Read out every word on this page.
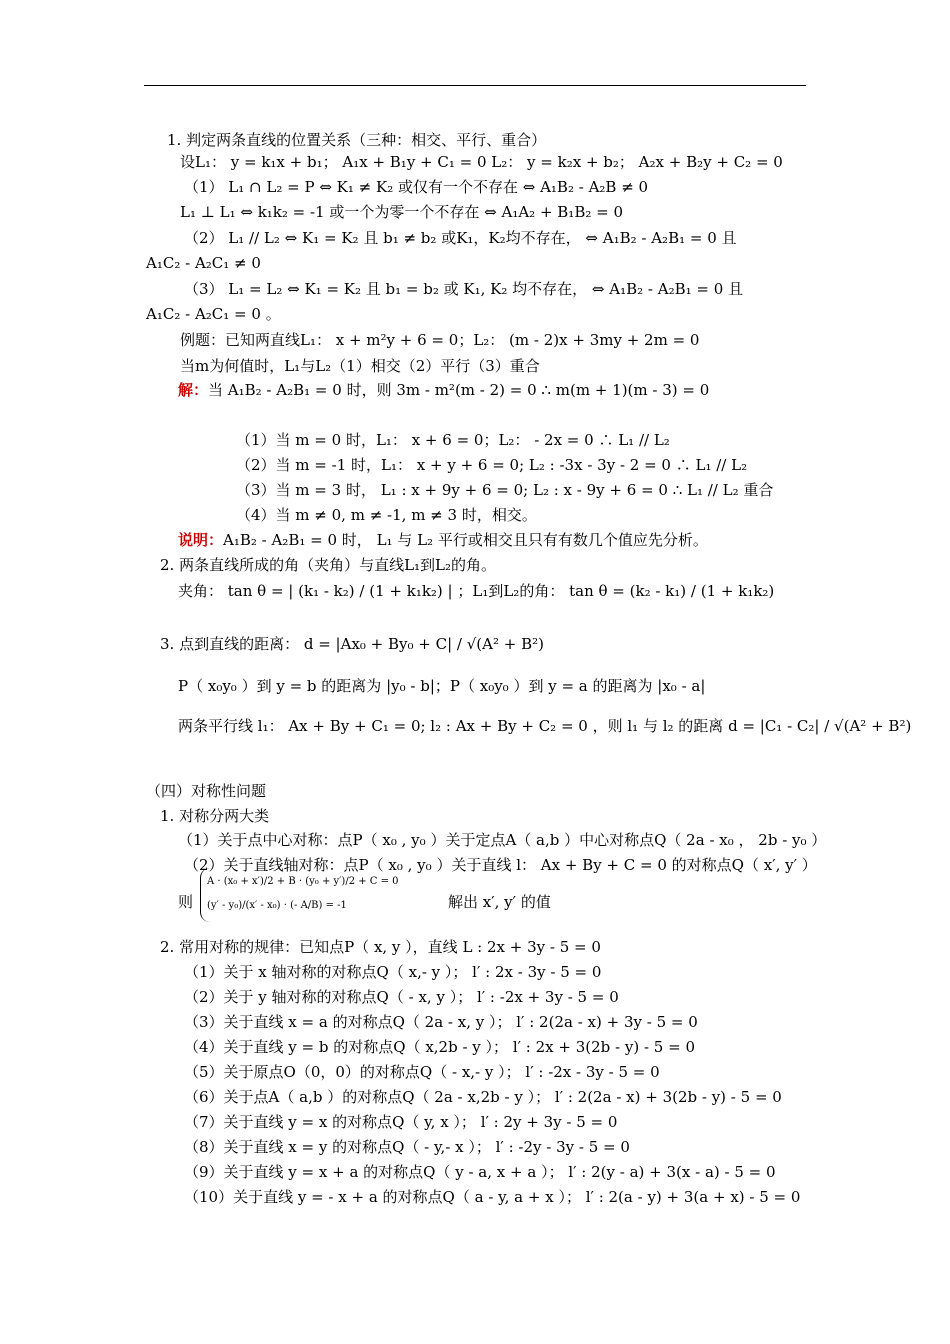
1. 判定两条直线的位置关系（三种：相交、平行、重合）
设L₁： y = k₁x + b₁； A₁x + B₁y + C₁ = 0 L₂： y = k₂x + b₂； A₂x + B₂y + C₂ = 0
（1） L₁ ∩ L₂ = P ⇔ K₁ ≠ K₂ 或仅有一个不存在 ⇔ A₁B₂ - A₂B ≠ 0
L₁ ⊥ L₁ ⇔ k₁k₂ = -1 或一个为零一个不存在 ⇔ A₁A₂ + B₁B₂ = 0
（2） L₁ // L₂ ⇔ K₁ = K₂ 且 b₁ ≠ b₂ 或K₁，K₂均不存在， ⇔ A₁B₂ - A₂B₁ = 0 且
A₁C₂ - A₂C₁ ≠ 0
（3） L₁ = L₂ ⇔ K₁ = K₂ 且 b₁ = b₂ 或 K₁, K₂ 均不存在， ⇔ A₁B₂ - A₂B₁ = 0 且
A₁C₂ - A₂C₁ = 0 。
例题：已知两直线L₁： x + m²y + 6 = 0；L₂： (m - 2)x + 3my + 2m = 0
当m为何值时，L₁与L₂（1）相交（2）平行（3）重合
（1）当 m = 0 时，L₁： x + 6 = 0；L₂： - 2x = 0 ∴ L₁ // L₂
（2）当 m = -1 时，L₁： x + y + 6 = 0; L₂ : -3x - 3y - 2 = 0 ∴ L₁ // L₂
（3）当 m = 3 时， L₁ : x + 9y + 6 = 0; L₂ : x - 9y + 6 = 0 ∴ L₁ // L₂ 重合
（4）当 m ≠ 0, m ≠ -1, m ≠ 3 时，相交。
2. 两条直线所成的角（夹角）与直线L₁到L₂的角。
夹角： tan θ = | (k₁ - k₂) / (1 + k₁k₂) | ；L₁到L₂的角： tan θ = (k₂ - k₁) / (1 + k₁k₂)
3. 点到直线的距离： d = |Ax₀ + By₀ + C| / √(A² + B²)
P（ x₀y₀ ）到 y = b 的距离为 |y₀ - b|；P（ x₀y₀ ）到 y = a 的距离为 |x₀ - a|
两条平行线 l₁： Ax + By + C₁ = 0; l₂ : Ax + By + C₂ = 0 ，则 l₁ 与 l₂ 的距离 d = |C₁ - C₂| / √(A² + B²)
（四）对称性问题
1. 对称分两大类
（1）关于点中心对称：点P（ x₀ , y₀ ）关于定点A（ a,b ）中心对称点Q（ 2a - x₀ ， 2b - y₀ ）
（2）关于直线轴对称：点P（ x₀ , y₀ ）关于直线 l： Ax + By + C = 0 的对称点Q（ x′, y′ ）
则	解出 x′, y′ 的值
2. 常用对称的规律：已知点P（ x, y ），直线 L : 2x + 3y - 5 = 0
（1）关于 x 轴对称的对称点Q（ x,- y ）； l′ : 2x - 3y - 5 = 0
（2）关于 y 轴对称的对称点Q（ - x, y ）； l′ : -2x + 3y - 5 = 0
（3）关于直线 x = a 的对称点Q（ 2a - x, y ）； l′ : 2(2a - x) + 3y - 5 = 0
（4）关于直线 y = b 的对称点Q（ x,2b - y ）； l′ : 2x + 3(2b - y) - 5 = 0
（5）关于原点O（0，0）的对称点Q（ - x,- y ）； l′ : -2x - 3y - 5 = 0
（6）关于点A（ a,b ）的对称点Q（ 2a - x,2b - y ）； l′ : 2(2a - x) + 3(2b - y) - 5 = 0
（7）关于直线 y = x 的对称点Q（ y, x ）； l′ : 2y + 3y - 5 = 0
（8）关于直线 x = y 的对称点Q（ - y,- x ）； l′ : -2y - 3y - 5 = 0
（9）关于直线 y = x + a 的对称点Q（ y - a, x + a ）； l′ : 2(y - a) + 3(x - a) - 5 = 0
（10）关于直线 y = - x + a 的对称点Q（ a - y, a + x ）； l′ : 2(a - y) + 3(a + x) - 5 = 0
解：当 A₁B₂ - A₂B₁ = 0 时，则 3m - m²(m - 2) = 0 ∴ m(m + 1)(m - 3) = 0
说明：A₁B₂ - A₂B₁ = 0 时， L₁ 与 L₂ 平行或相交且只有有数几个值应先分析。
A · (x₀ + x′)/2 + B · (y₀ + y′)/2 + C = 0
(y′ - y₀)/(x′ - x₀) · (- A/B) = -1
